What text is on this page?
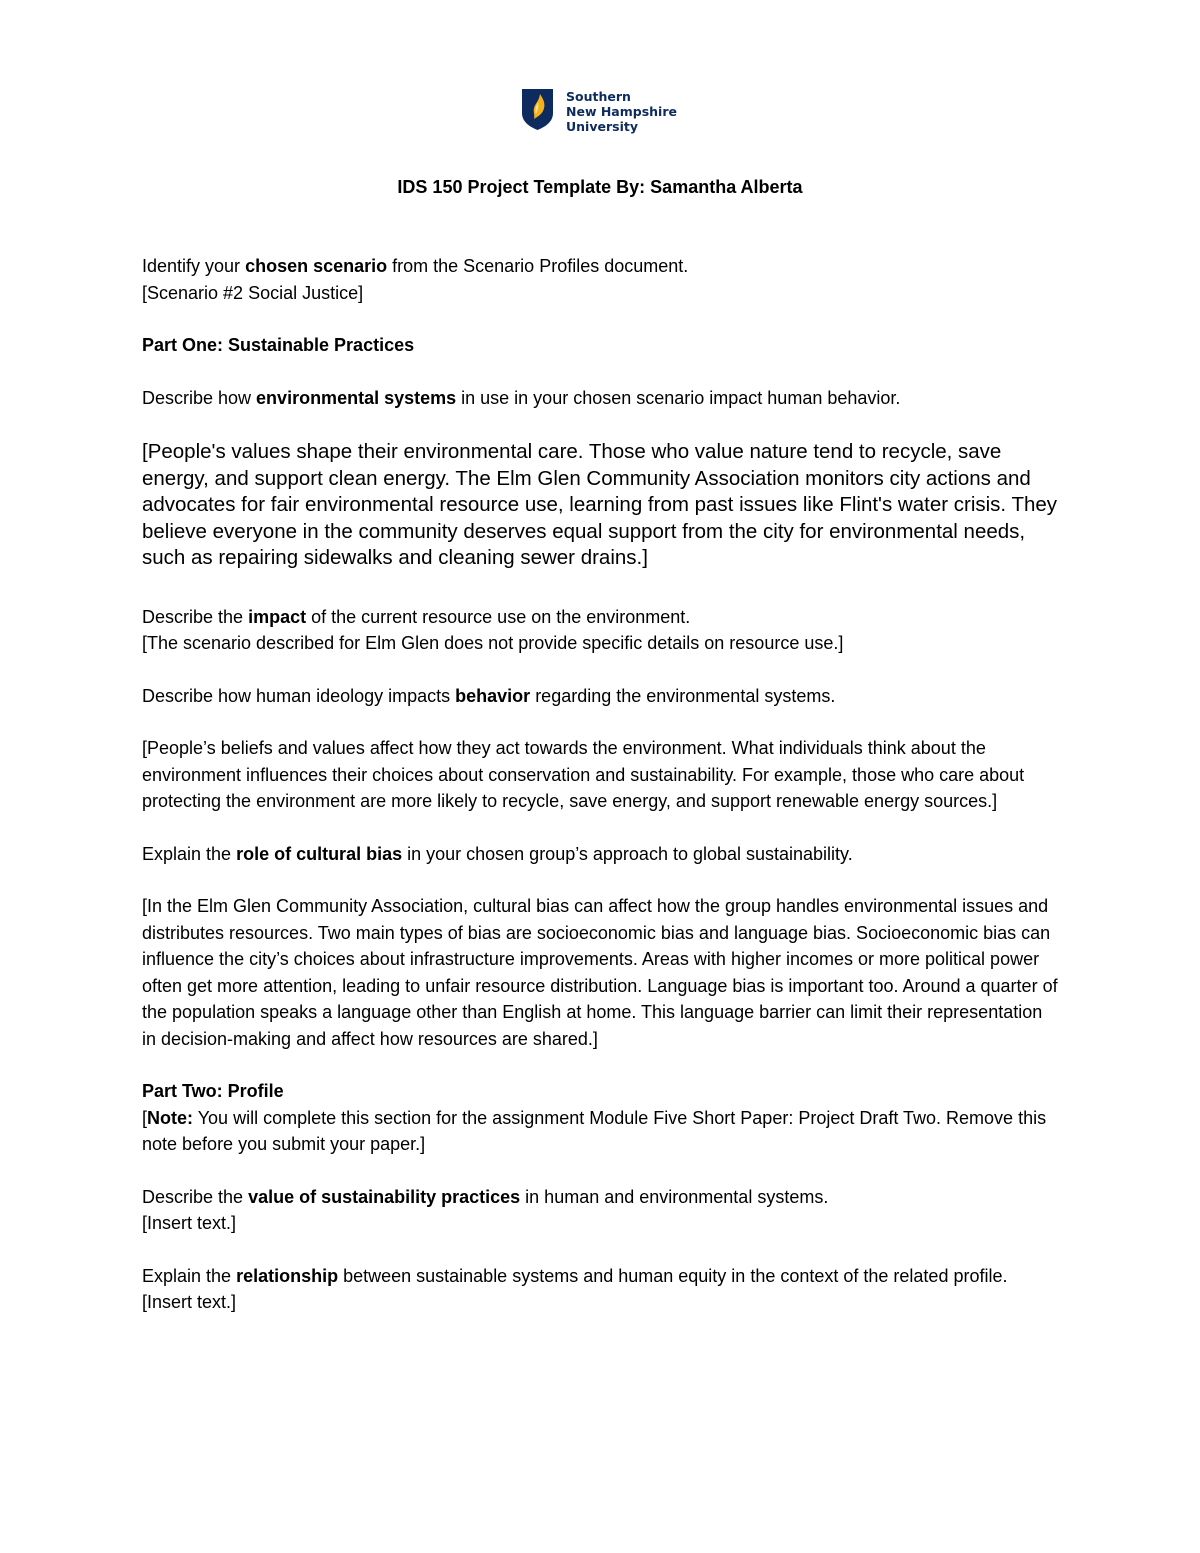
Southern
New Hampshire
University
IDS 150 Project Template By: Samantha Alberta

Identify your chosen scenario from the Scenario Profiles document.

[Scenario #2 Social Justice]

Part One: Sustainable Practices

Describe how environmental systems in use in your chosen scenario impact human behavior.

[People's values shape their environmental care. Those who value nature tend to recycle, save energy, and support clean energy. The Elm Glen Community Association monitors city actions and advocates for fair environmental resource use, learning from past issues like Flint's water crisis. They believe everyone in the community deserves equal support from the city for environmental needs, such as repairing sidewalks and cleaning sewer drains.]

Describe the impact of the current resource use on the environment.

[The scenario described for Elm Glen does not provide specific details on resource use.]

Describe how human ideology impacts behavior regarding the environmental systems.

[People’s beliefs and values affect how they act towards the environment. What individuals think about the environment influences their choices about conservation and sustainability. For example, those who care about protecting the environment are more likely to recycle, save energy, and support renewable energy sources.]

Explain the role of cultural bias in your chosen group’s approach to global sustainability.

[In the Elm Glen Community Association, cultural bias can affect how the group handles environmental issues and distributes resources. Two main types of bias are socioeconomic bias and language bias. Socioeconomic bias can influence the city’s choices about infrastructure improvements. Areas with higher incomes or more political power often get more attention, leading to unfair resource distribution. Language bias is important too. Around a quarter of the population speaks a language other than English at home. This language barrier can limit their representation in decision-making and affect how resources are shared.]

Part Two: Profile

[Note: You will complete this section for the assignment Module Five Short Paper: Project Draft Two. Remove this note before you submit your paper.]

Describe the value of sustainability practices in human and environmental systems.

[Insert text.]

Explain the relationship between sustainable systems and human equity in the context of the related profile.

[Insert text.]
